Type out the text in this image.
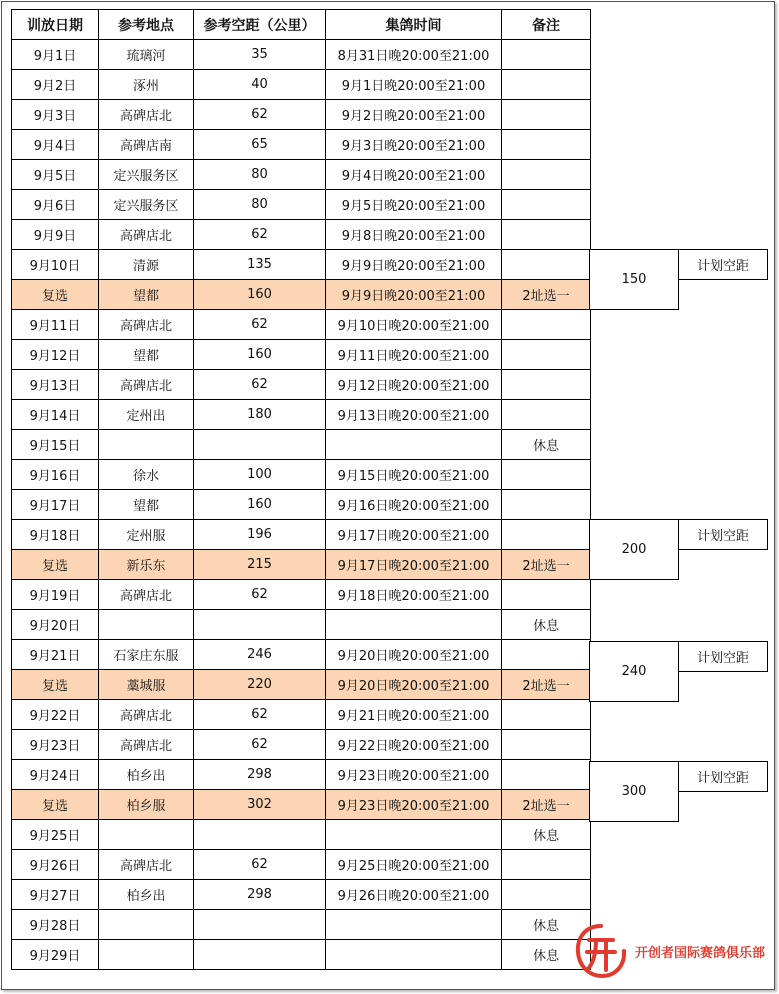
训放日期	参考地点	参考空距（公里）	集鸽时间	备注
9月1日	琉璃河	35	8月31日晚20:00至21:00	
9月2日	涿州	40	9月1日晚20:00至21:00	
9月3日	高碑店北	62	9月2日晚20:00至21:00	
9月4日	高碑店南	65	9月3日晚20:00至21:00	
9月5日	定兴服务区	80	9月4日晚20:00至21:00	
9月6日	定兴服务区	80	9月5日晚20:00至21:00	
9月9日	高碑店北	62	9月8日晚20:00至21:00	
9月10日	清源	135	9月9日晚20:00至21:00	
复选	望都	160	9月9日晚20:00至21:00	2址选一
9月11日	高碑店北	62	9月10日晚20:00至21:00	
9月12日	望都	160	9月11日晚20:00至21:00	
9月13日	高碑店北	62	9月12日晚20:00至21:00	
9月14日	定州出	180	9月13日晚20:00至21:00	
9月15日				休息
9月16日	徐水	100	9月15日晚20:00至21:00	
9月17日	望都	160	9月16日晚20:00至21:00	
9月18日	定州服	196	9月17日晚20:00至21:00	
复选	新乐东	215	9月17日晚20:00至21:00	2址选一
9月19日	高碑店北	62	9月18日晚20:00至21:00	
9月20日				休息
9月21日	石家庄东服	246	9月20日晚20:00至21:00	
复选	藁城服	220	9月20日晚20:00至21:00	2址选一
9月22日	高碑店北	62	9月21日晚20:00至21:00	
9月23日	高碑店北	62	9月22日晚20:00至21:00	
9月24日	柏乡出	298	9月23日晚20:00至21:00	
复选	柏乡服	302	9月23日晚20:00至21:00	2址选一
9月25日				休息
9月26日	高碑店北	62	9月25日晚20:00至21:00	
9月27日	柏乡出	298	9月26日晚20:00至21:00	
9月28日				休息
9月29日				休息
150	计划空距

200	计划空距

240	计划空距

300	计划空距

开创者国际赛鸽俱乐部
